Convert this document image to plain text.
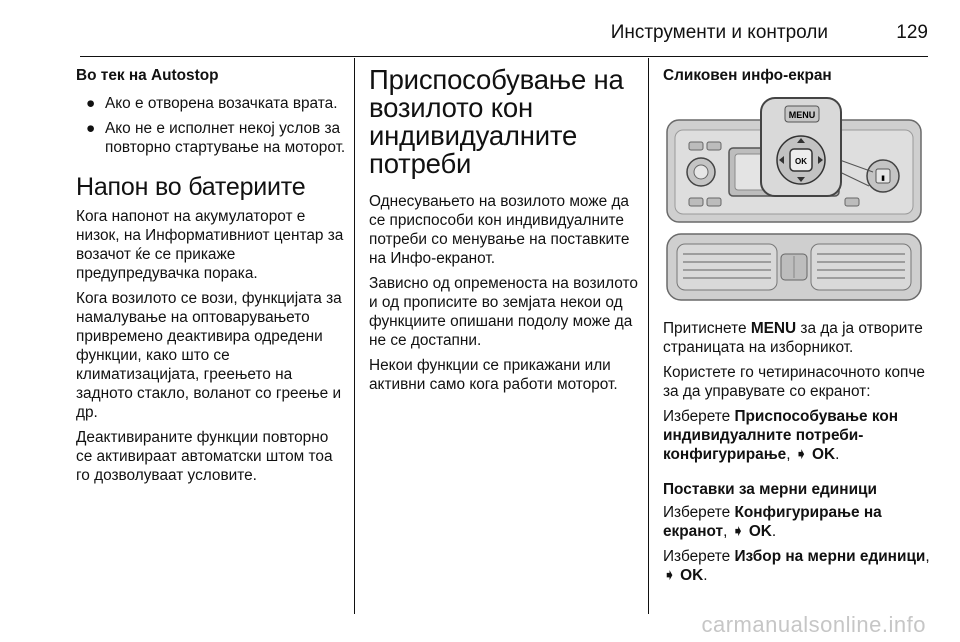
Инструменти и контроли	129
Во тек на Autostop
● Ако е отворена возачката врата.
● Ако не е исполнет некој услов за повторно стартување на моторот.
Напон во батериите

Кога напонот на акумулаторот е низок, на Информативниот центар за возачот ќе се прикаже предупредувачка порака.

Кога возилото се вози, функцијата за намалување на оптоварувањето привремено деактивира одредени функции, како што се климатизацијата, греењето на задното стакло, воланот со греење и др.

Деактивираните функции повторно се активираат автоматски штом тоа го дозволуваат условите.

Приспособување на возилото кон индивидуалните потреби

Однесувањето на возилото може да се приспособи кон индивидуалните потреби со менување на поставките на Инфо-екранот.

Зависно од опременоста на возилото и од прописите во земјата некои од функциите опишани подолу може да не се достапни.

Некои функции се прикажани или активни само кога работи моторот.

Сликовен инфо-екран
▮
MENU
OK

Притиснете MENU за да ја отворите страницата на изборникот.

Користете го четиринасочното копче за да управувате со екранот:

Изберете Приспособување кон индивидуалните потреби-конфигурирање, ➧ OK.

Поставки за мерни единици

Изберете Конфигурирање на екранот, ➧ OK.

Изберете Избор на мерни единици, ➧ OK.

carmanualsonline.info
